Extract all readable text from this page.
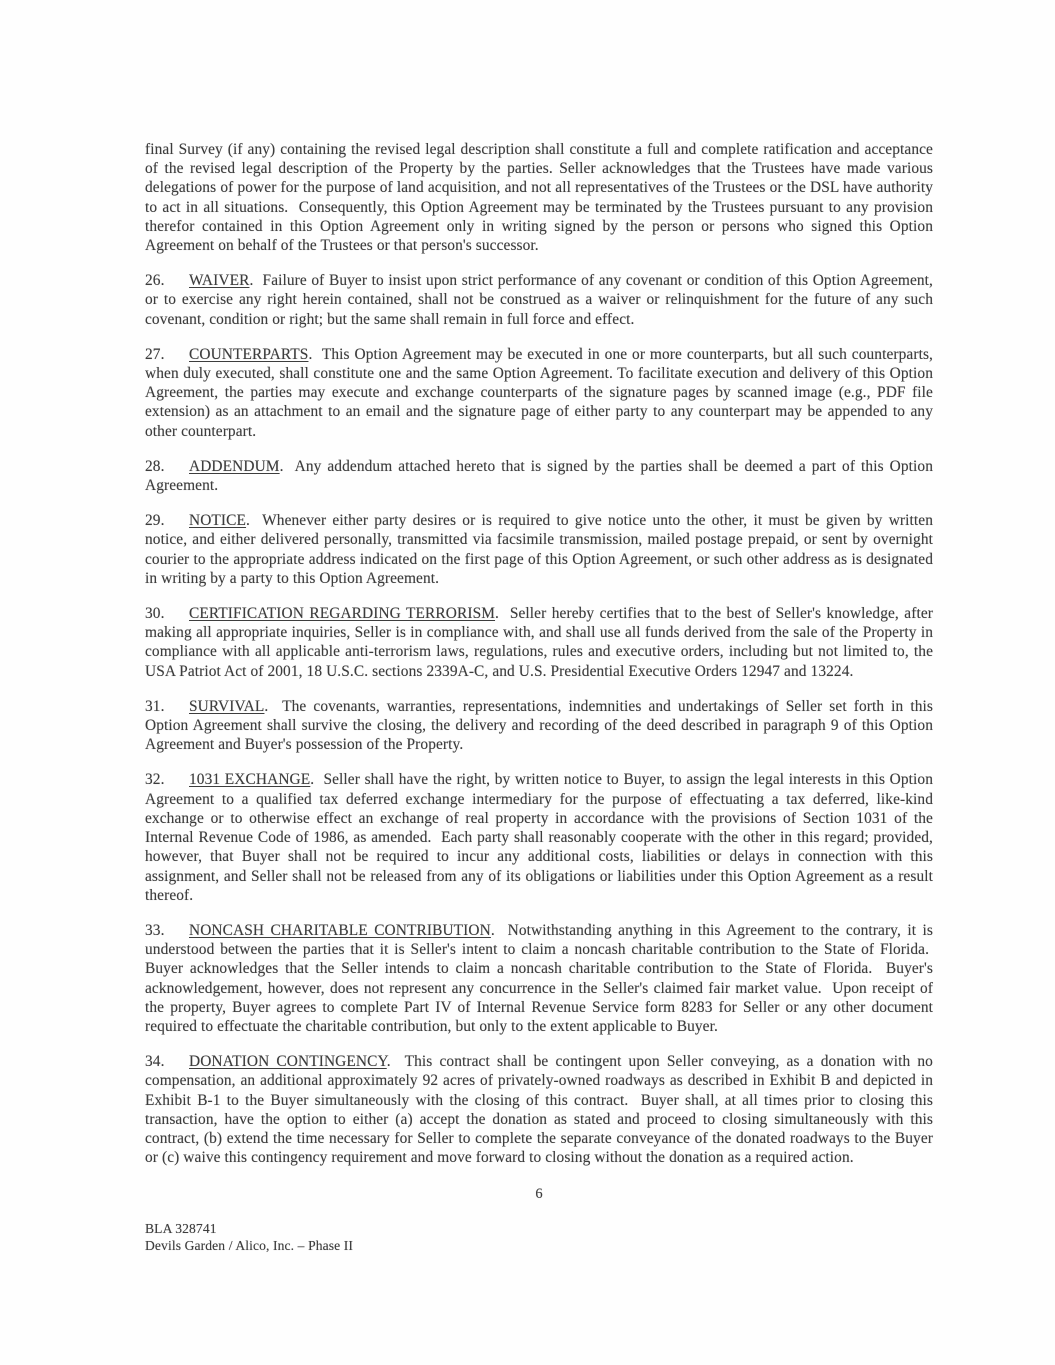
final Survey (if any) containing the revised legal description shall constitute a full and complete ratification and acceptance of the revised legal description of the Property by the parties. Seller acknowledges that the Trustees have made various delegations of power for the purpose of land acquisition, and not all representatives of the Trustees or the DSL have authority to act in all situations.  Consequently, this Option Agreement may be terminated by the Trustees pursuant to any provision therefor contained in this Option Agreement only in writing signed by the person or persons who signed this Option Agreement on behalf of the Trustees or that person's successor.

26. WAIVER.  Failure of Buyer to insist upon strict performance of any covenant or condition of this Option Agreement, or to exercise any right herein contained, shall not be construed as a waiver or relinquishment for the future of any such covenant, condition or right; but the same shall remain in full force and effect.

27. COUNTERPARTS.  This Option Agreement may be executed in one or more counterparts, but all such counterparts, when duly executed, shall constitute one and the same Option Agreement. To facilitate execution and delivery of this Option Agreement, the parties may execute and exchange counterparts of the signature pages by scanned image (e.g., PDF file extension) as an attachment to an email and the signature page of either party to any counterpart may be appended to any other counterpart.

28. ADDENDUM.  Any addendum attached hereto that is signed by the parties shall be deemed a part of this Option Agreement.

29. NOTICE.  Whenever either party desires or is required to give notice unto the other, it must be given by written notice, and either delivered personally, transmitted via facsimile transmission, mailed postage prepaid, or sent by overnight courier to the appropriate address indicated on the first page of this Option Agreement, or such other address as is designated in writing by a party to this Option Agreement.

30. CERTIFICATION REGARDING TERRORISM.  Seller hereby certifies that to the best of Seller's knowledge, after making all appropriate inquiries, Seller is in compliance with, and shall use all funds derived from the sale of the Property in compliance with all applicable anti-terrorism laws, regulations, rules and executive orders, including but not limited to, the USA Patriot Act of 2001, 18 U.S.C. sections 2339A-C, and U.S. Presidential Executive Orders 12947 and 13224.

31. SURVIVAL.  The covenants, warranties, representations, indemnities and undertakings of Seller set forth in this Option Agreement shall survive the closing, the delivery and recording of the deed described in paragraph 9 of this Option Agreement and Buyer's possession of the Property.

32. 1031 EXCHANGE.  Seller shall have the right, by written notice to Buyer, to assign the legal interests in this Option Agreement to a qualified tax deferred exchange intermediary for the purpose of effectuating a tax deferred, like-kind exchange or to otherwise effect an exchange of real property in accordance with the provisions of Section 1031 of the Internal Revenue Code of 1986, as amended.  Each party shall reasonably cooperate with the other in this regard; provided, however, that Buyer shall not be required to incur any additional costs, liabilities or delays in connection with this assignment, and Seller shall not be released from any of its obligations or liabilities under this Option Agreement as a result thereof.

33. NONCASH CHARITABLE CONTRIBUTION.  Notwithstanding anything in this Agreement to the contrary, it is understood between the parties that it is Seller's intent to claim a noncash charitable contribution to the State of Florida.  Buyer acknowledges that the Seller intends to claim a noncash charitable contribution to the State of Florida.  Buyer's acknowledgement, however, does not represent any concurrence in the Seller's claimed fair market value.  Upon receipt of the property, Buyer agrees to complete Part IV of Internal Revenue Service form 8283 for Seller or any other document required to effectuate the charitable contribution, but only to the extent applicable to Buyer.

34. DONATION CONTINGENCY.  This contract shall be contingent upon Seller conveying, as a donation with no compensation, an additional approximately 92 acres of privately-owned roadways as described in Exhibit B and depicted in Exhibit B-1 to the Buyer simultaneously with the closing of this contract.  Buyer shall, at all times prior to closing this transaction, have the option to either (a) accept the donation as stated and proceed to closing simultaneously with this contract, (b) extend the time necessary for Seller to complete the separate conveyance of the donated roadways to the Buyer or (c) waive this contingency requirement and move forward to closing without the donation as a required action.

6
BLA 328741
Devils Garden / Alico, Inc. – Phase II
